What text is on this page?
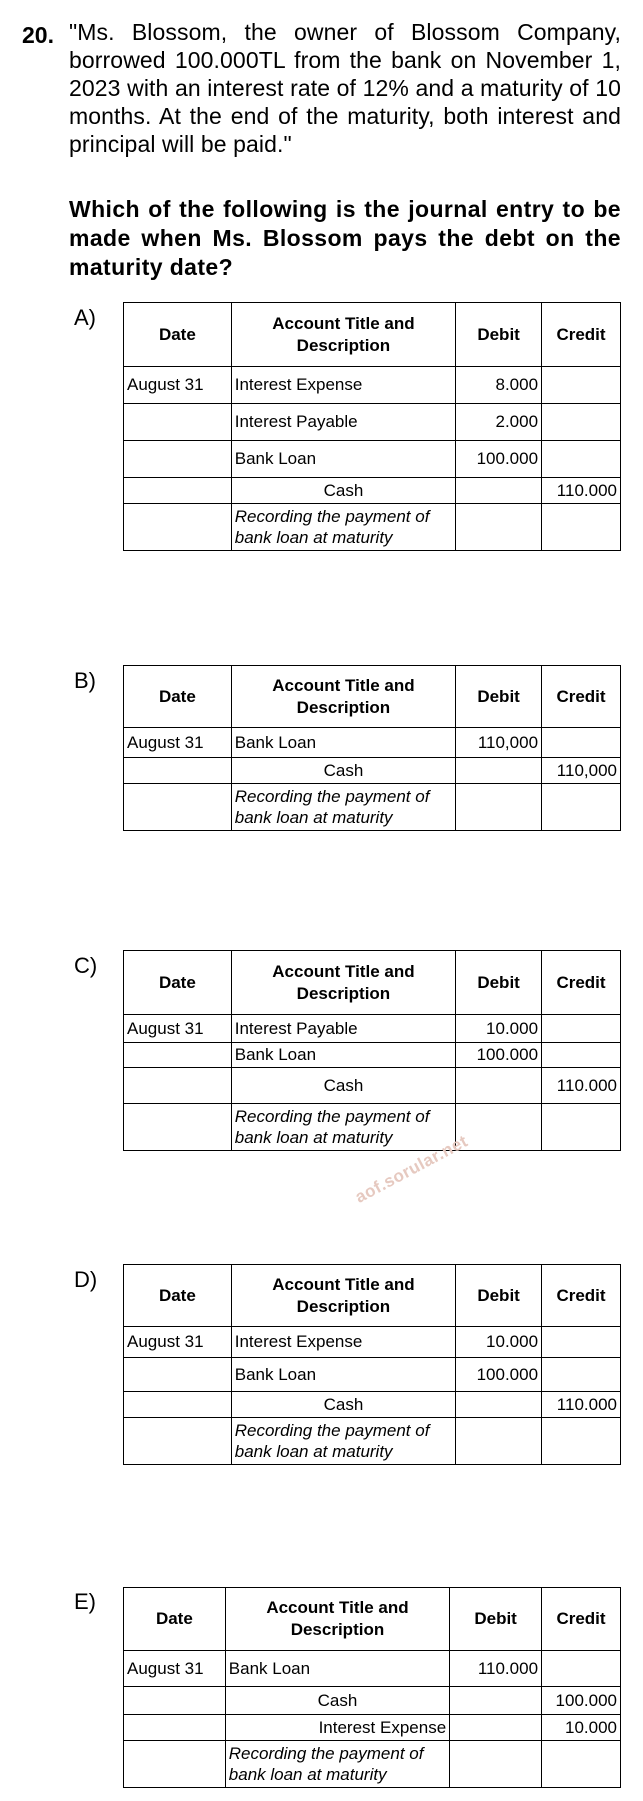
20. "Ms. Blossom, the owner of Blossom Company, borrowed 100.000TL from the bank on November 1, 2023 with an interest rate of 12% and a maturity of 10 months. At the end of the maturity, both interest and principal will be paid."
Which of the following is the journal entry to be made when Ms. Blossom pays the debt on the maturity date?
A)
Date	Account Title and Description	Debit	Credit
August 31	Interest Expense	8.000	
	Interest Payable	2.000	
	Bank Loan	100.000	
	Cash		110.000
	Recording the payment of bank loan at maturity		
B)
Date	Account Title and Description	Debit	Credit
August 31	Bank Loan	110,000	
	Cash		110,000
	Recording the payment of bank loan at maturity		
C)
Date	Account Title and Description	Debit	Credit
August 31	Interest Payable	10.000	
	Bank Loan	100.000	
	Cash		110.000
	Recording the payment of bank loan at maturity		
aof.sorular.net
D)
Date	Account Title and Description	Debit	Credit
August 31	Interest Expense	10.000	
	Bank Loan	100.000	
	Cash		110.000
	Recording the payment of bank loan at maturity		
E)
Date	Account Title and Description	Debit	Credit
August 31	Bank Loan	110.000	
	Cash		100.000
	Interest Expense		10.000
	Recording the payment of bank loan at maturity		
